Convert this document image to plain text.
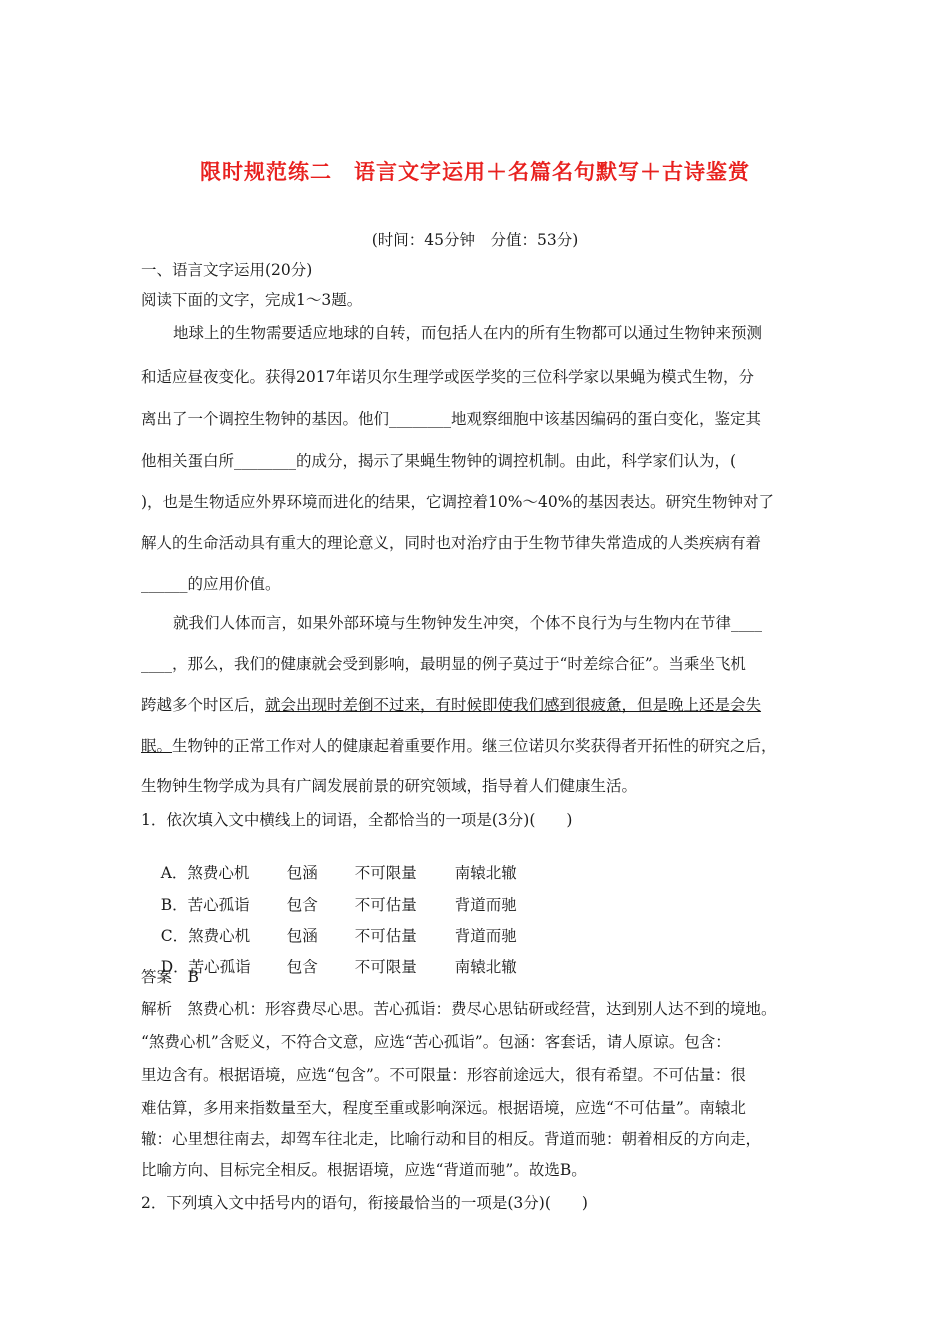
限时规范练二　语言文字运用＋名篇名句默写＋古诗鉴赏
(时间：45分钟　分值：53分)
一、语言文字运用(20分)
阅读下面的文字，完成1～3题。
地球上的生物需要适应地球的自转，而包括人在内的所有生物都可以通过生物钟来预测
和适应昼夜变化。获得2017年诺贝尔生理学或医学奖的三位科学家以果蝇为模式生物，分
离出了一个调控生物钟的基因。他们________地观察细胞中该基因编码的蛋白变化，鉴定其
他相关蛋白所________的成分，揭示了果蝇生物钟的调控机制。由此，科学家们认为，(
)，也是生物适应外界环境而进化的结果，它调控着10%～40%的基因表达。研究生物钟对了
解人的生命活动具有重大的理论意义，同时也对治疗由于生物节律失常造成的人类疾病有着
______的应用价值。
就我们人体而言，如果外部环境与生物钟发生冲突，个体不良行为与生物内在节律____
____，那么，我们的健康就会受到影响，最明显的例子莫过于“时差综合征”。当乘坐飞机
跨越多个时区后，就会出现时差倒不过来，有时候即使我们感到很疲惫，但是晚上还是会失
眠。生物钟的正常工作对人的健康起着重要作用。继三位诺贝尔奖获得者开拓性的研究之后，
生物钟生物学成为具有广阔发展前景的研究领域，指导着人们健康生活。
1．依次填入文中横线上的词语，全都恰当的一项是(3分)(　　)

A．煞费心机 包涵 不可限量 南辕北辙

B．苦心孤诣 包含 不可估量 背道而驰

C．煞费心机 包涵 不可估量 背道而驰

D．苦心孤诣 包含 不可限量 南辕北辙

答案　B
解析　煞费心机：形容费尽心思。苦心孤诣：费尽心思钻研或经营，达到别人达不到的境地。
“煞费心机”含贬义，不符合文意，应选“苦心孤诣”。包涵：客套话，请人原谅。包含：
里边含有。根据语境，应选“包含”。不可限量：形容前途远大，很有希望。不可估量：很
难估算，多用来指数量至大，程度至重或影响深远。根据语境，应选“不可估量”。南辕北
辙：心里想往南去，却驾车往北走，比喻行动和目的相反。背道而驰：朝着相反的方向走，
比喻方向、目标完全相反。根据语境，应选“背道而驰”。故选B。
2．下列填入文中括号内的语句，衔接最恰当的一项是(3分)(　　)
